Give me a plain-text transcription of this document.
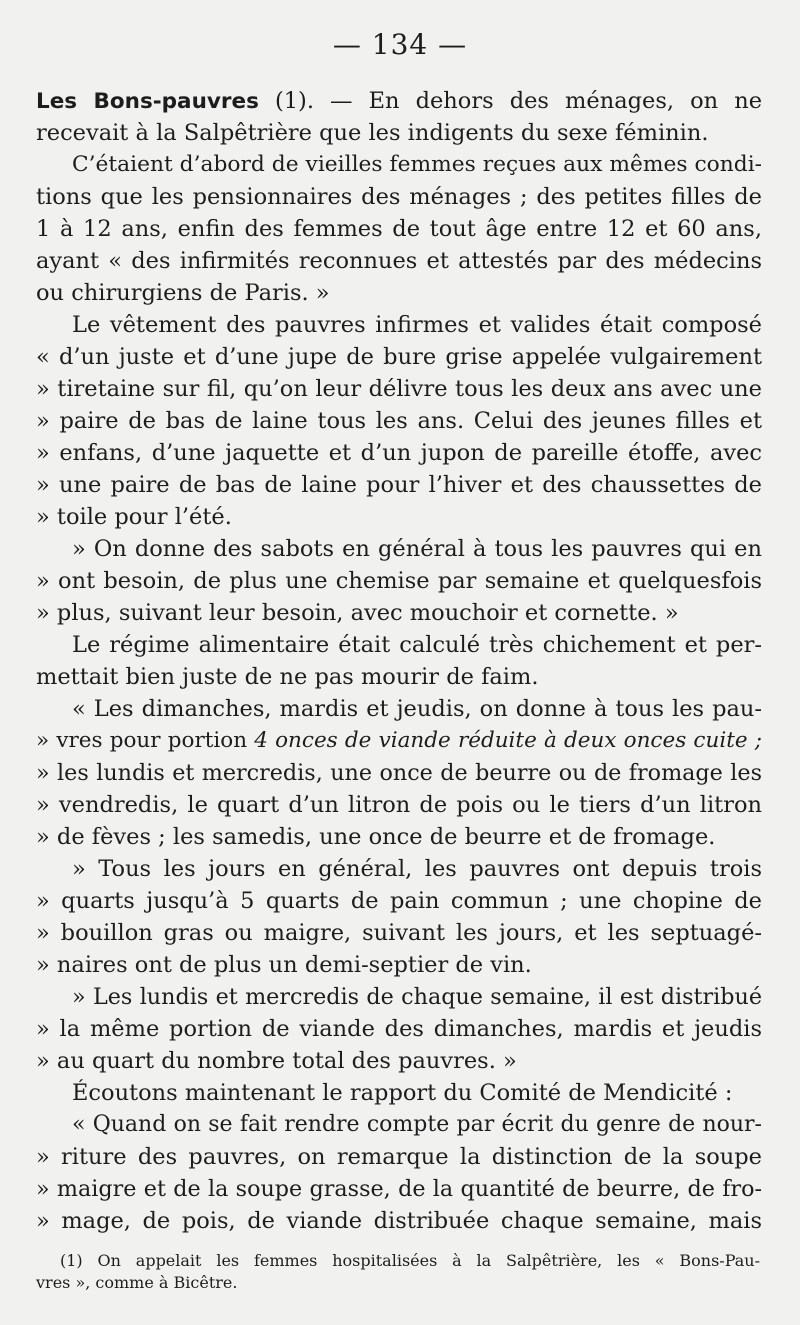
— 134 —
Les Bons-pauvres (1). — En dehors des ménages, on ne
recevait à la Salpêtrière que les indigents du sexe féminin.
C’étaient d’abord de vieilles femmes reçues aux mêmes condi-
tions que les pensionnaires des ménages ; des petites filles de
1 à 12 ans, enfin des femmes de tout âge entre 12 et 60 ans,
ayant « des infirmités reconnues et attestés par des médecins
ou chirurgiens de Paris. »
Le vêtement des pauvres infirmes et valides était composé
« d’un juste et d’une jupe de bure grise appelée vulgairement
» tiretaine sur fil, qu’on leur délivre tous les deux ans avec une
» paire de bas de laine tous les ans. Celui des jeunes filles et
» enfans, d’une jaquette et d’un jupon de pareille étoffe, avec
» une paire de bas de laine pour l’hiver et des chaussettes de
» toile pour l’été.
» On donne des sabots en général à tous les pauvres qui en
» ont besoin, de plus une chemise par semaine et quelquesfois
» plus, suivant leur besoin, avec mouchoir et cornette. »
Le régime alimentaire était calculé très chichement et per-
mettait bien juste de ne pas mourir de faim.
« Les dimanches, mardis et jeudis, on donne à tous les pau-
» vres pour portion 4 onces de viande réduite à deux onces cuite ;
» les lundis et mercredis, une once de beurre ou de fromage les
» vendredis, le quart d’un litron de pois ou le tiers d’un litron
» de fèves ; les samedis, une once de beurre et de fromage.
» Tous les jours en général, les pauvres ont depuis trois
» quarts jusqu’à 5 quarts de pain commun ; une chopine de
» bouillon gras ou maigre, suivant les jours, et les septuagé-
» naires ont de plus un demi-septier de vin.
» Les lundis et mercredis de chaque semaine, il est distribué
» la même portion de viande des dimanches, mardis et jeudis
» au quart du nombre total des pauvres. »
Écoutons maintenant le rapport du Comité de Mendicité :
« Quand on se fait rendre compte par écrit du genre de nour-
» riture des pauvres, on remarque la distinction de la soupe
» maigre et de la soupe grasse, de la quantité de beurre, de fro-
» mage, de pois, de viande distribuée chaque semaine, mais
(1) On appelait les femmes hospitalisées à la Salpêtrière, les « Bons-Pau-
vres », comme à Bicêtre.
